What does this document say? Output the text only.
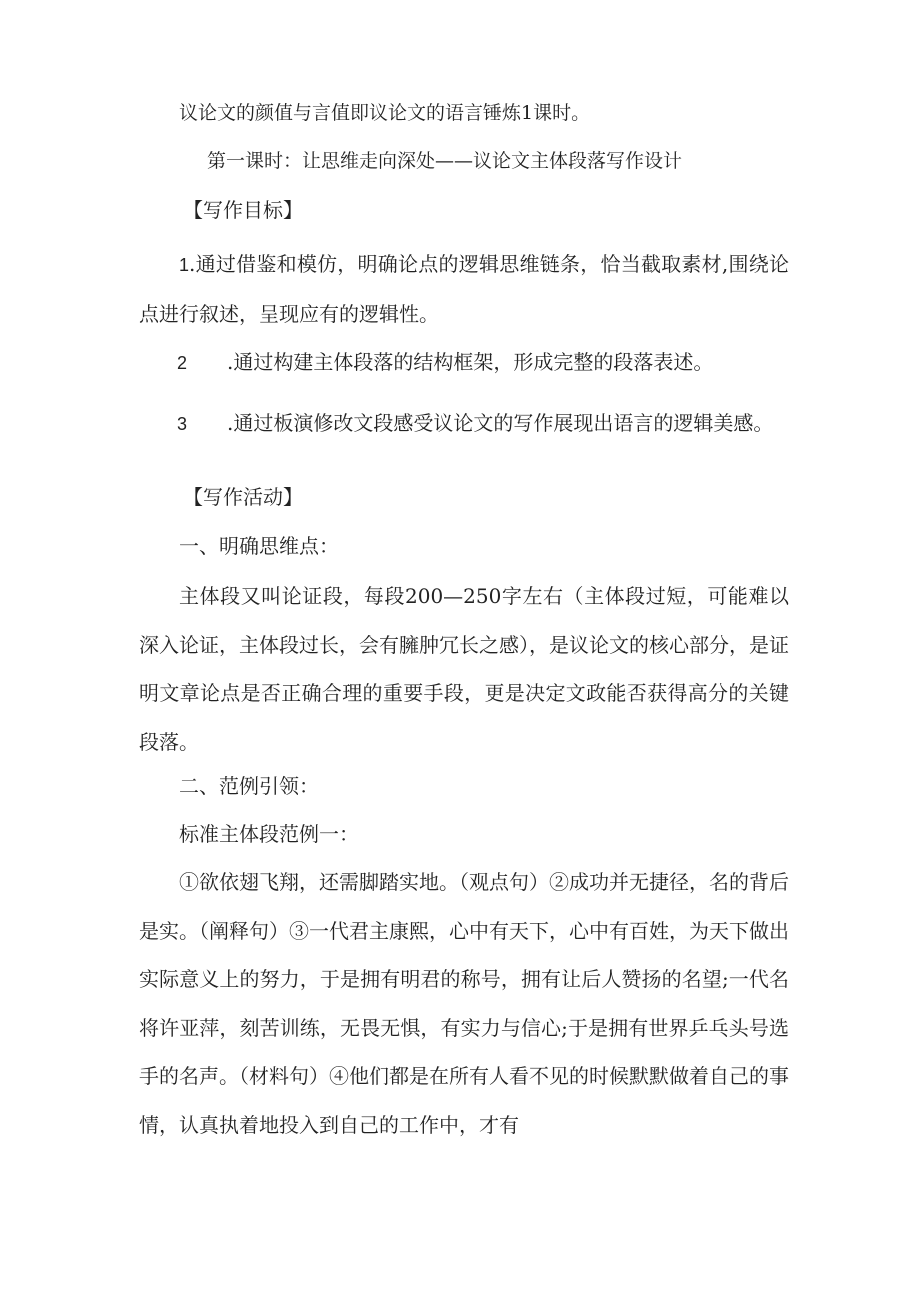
议论文的颜值与言值即议论文的语言锤炼1课时。
第一课时：让思维走向深处——议论文主体段落写作设计
【写作目标】
1.通过借鉴和模仿，明确论点的逻辑思维链条，恰当截取素材,围绕论点进行叙述，呈现应有的逻辑性。
2 .通过构建主体段落的结构框架，形成完整的段落表述。
3 .通过板演修改文段感受议论文的写作展现出语言的逻辑美感。
【写作活动】
一、明确思维点：
主体段又叫论证段，每段200—250字左右（主体段过短，可能难以深入论证，主体段过长，会有臃肿冗长之感），是议论文的核心部分，是证明文章论点是否正确合理的重要手段，更是决定文政能否获得高分的关键段落。
二、范例引领：
标准主体段范例一：
①欲依翅飞翔，还需脚踏实地。（观点句）②成功并无捷径，名的背后是实。（阐释句）③一代君主康熙，心中有天下，心中有百姓，为天下做出实际意义上的努力，于是拥有明君的称号，拥有让后人赞扬的名望;一代名将许亚萍，刻苦训练，无畏无惧，有实力与信心;于是拥有世界乒乓头号选手的名声。（材料句）④他们都是在所有人看不见的时候默默做着自己的事情，认真执着地投入到自己的工作中，才有
